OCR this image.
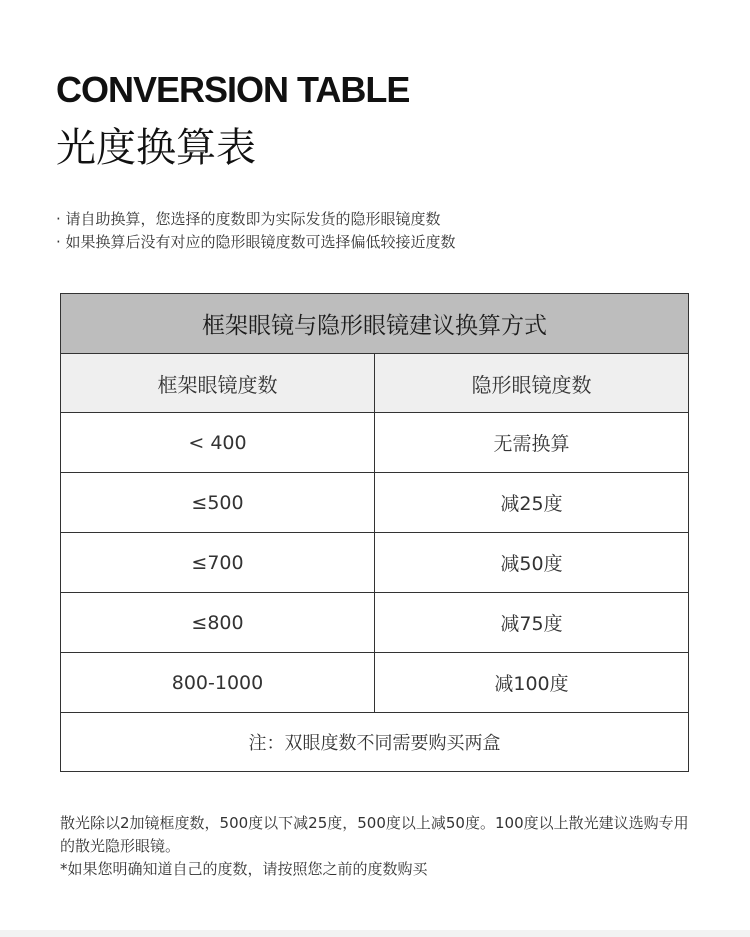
CONVERSION TABLE
光度换算表
· 请自助换算，您选择的度数即为实际发货的隐形眼镜度数
· 如果换算后没有对应的隐形眼镜度数可选择偏低较接近度数
框架眼镜与隐形眼镜建议换算方式
框架眼镜度数	隐形眼镜度数
< 400	无需换算
≤500	减25度
≤700	减50度
≤800	减75度
800-1000	减100度
注：双眼度数不同需要购买两盒
散光除以2加镜框度数，500度以下减25度，500度以上减50度。100度以上散光建议选购专用的散光隐形眼镜。
*如果您明确知道自己的度数，请按照您之前的度数购买
